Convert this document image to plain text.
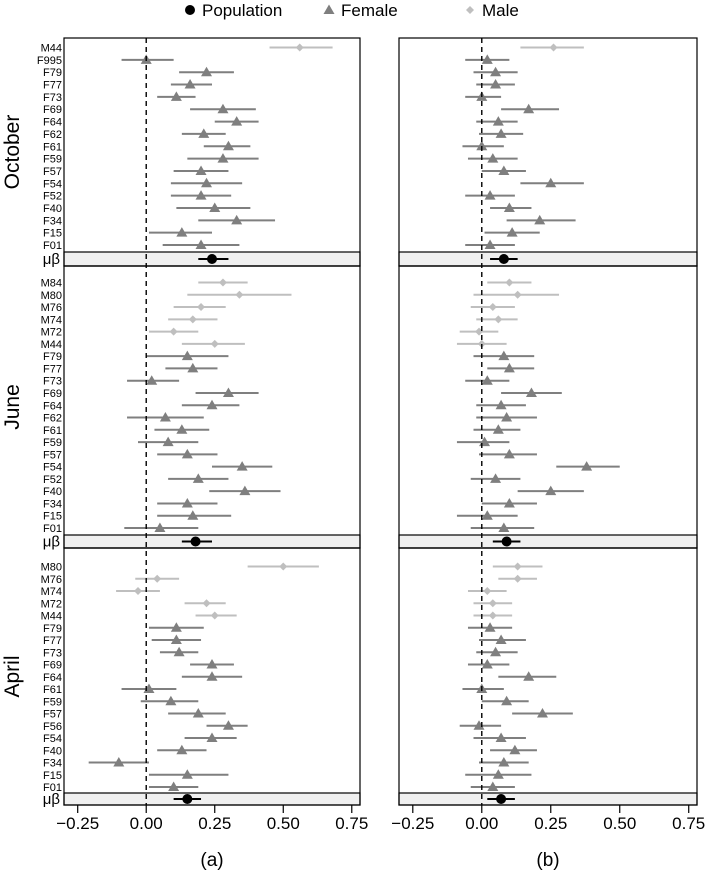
Population	Female	Male
M44
F995
F79
F77
F73
F69
F64
F62
F61
F59
F57
F54
F52
F40
F34
F15
F01
μβ
October
M84
M80
M76
M74
M72
M44
F79
F77
F73
F69
F64
F62
F61
F59
F57
F54
F52
F40
F34
F15
F01
μβ
June
M80
M76
M74
M72
M44
F79
F77
F73
F69
F64
F61
F59
F57
F56
F54
F40
F34
F15
F01
μβ
April
−0.25 0.00 0.25 0.50 0.75
(a)
−0.25 0.00 0.25 0.50 0.75
(b)
